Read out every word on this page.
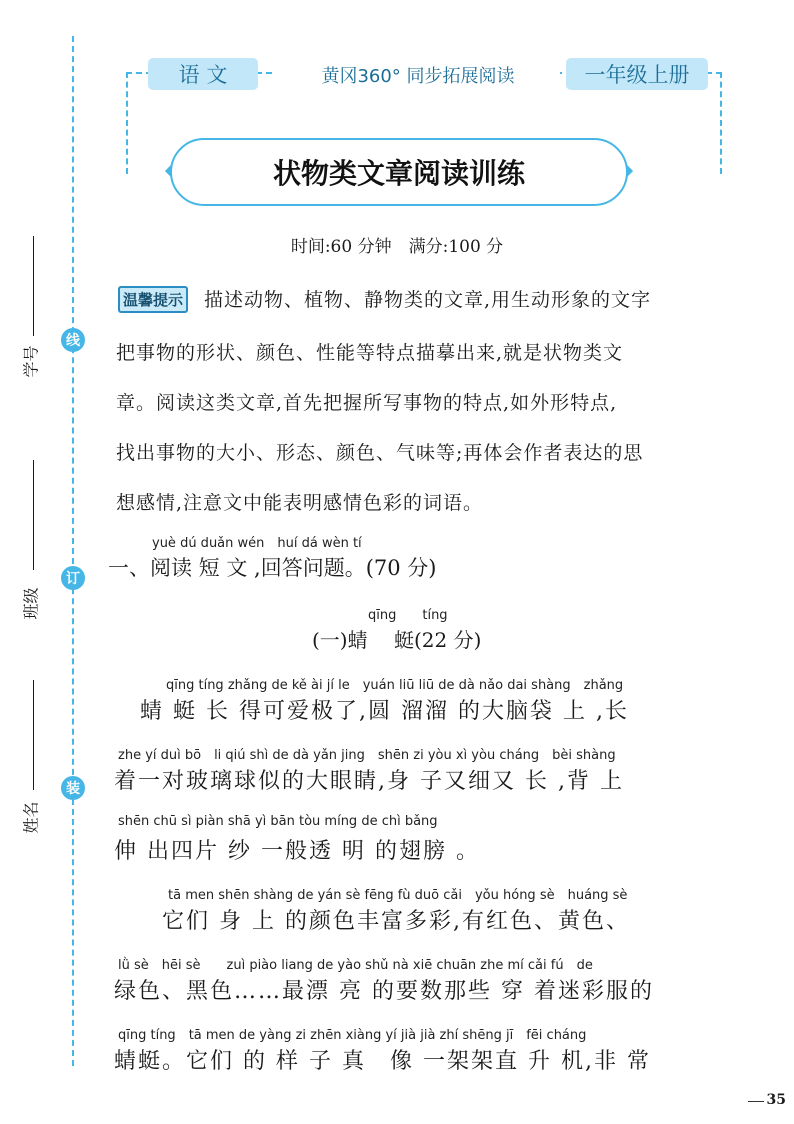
线
订
装
学号
班级
姓名
语 文	黄冈360° 同步拓展阅读	一年级上册
状物类文章阅读训练
时间:60 分钟　满分:100 分
温馨提示 描述动物、植物、静物类的文章,用生动形象的文字
把事物的形状、颜色、性能等特点描摹出来,就是状物类文
章。阅读这类文章,首先把握所写事物的特点,如外形特点,
找出事物的大小、形态、颜色、气味等;再体会作者表达的思
想感情,注意文中能表明感情色彩的词语。
yuè dú duǎn wén　huí dá wèn tí
一、阅读 短 文 ,回答问题。(70 分)
qīng　　tíng
(一)蜻　 蜓(22 分)
qīng tíng zhǎng de kě ài jí le　yuán liū liū de dà nǎo dai shàng　zhǎng
蜻 蜓 长 得可爱极了,圆 溜溜 的大脑袋 上 ,长
zhe yí duì bō　li qiú shì de dà yǎn jing　shēn zi yòu xì yòu cháng　bèi shàng
着一对玻璃球似的大眼睛,身 子又细又 长 ,背 上
shēn chū sì piàn shā yì bān tòu míng de chì bǎng
伸 出四片 纱 一般透 明 的翅膀 。
tā men shēn shàng de yán sè fēng fù duō cǎi　yǒu hóng sè　huáng sè
它们 身 上 的颜色丰富多彩,有红色、黄色、
lǜ sè　hēi sè　　zuì piào liang de yào shǔ nà xiē chuān zhe mí cǎi fú　de
绿色、黑色……最漂 亮 的要数那些 穿 着迷彩服的
qīng tíng　tā men de yàng zi zhēn xiàng yí jià jià zhí shēng jī　fēi cháng
蜻蜓。它们 的 样 子 真　像 一架架直 升 机,非 常
35
